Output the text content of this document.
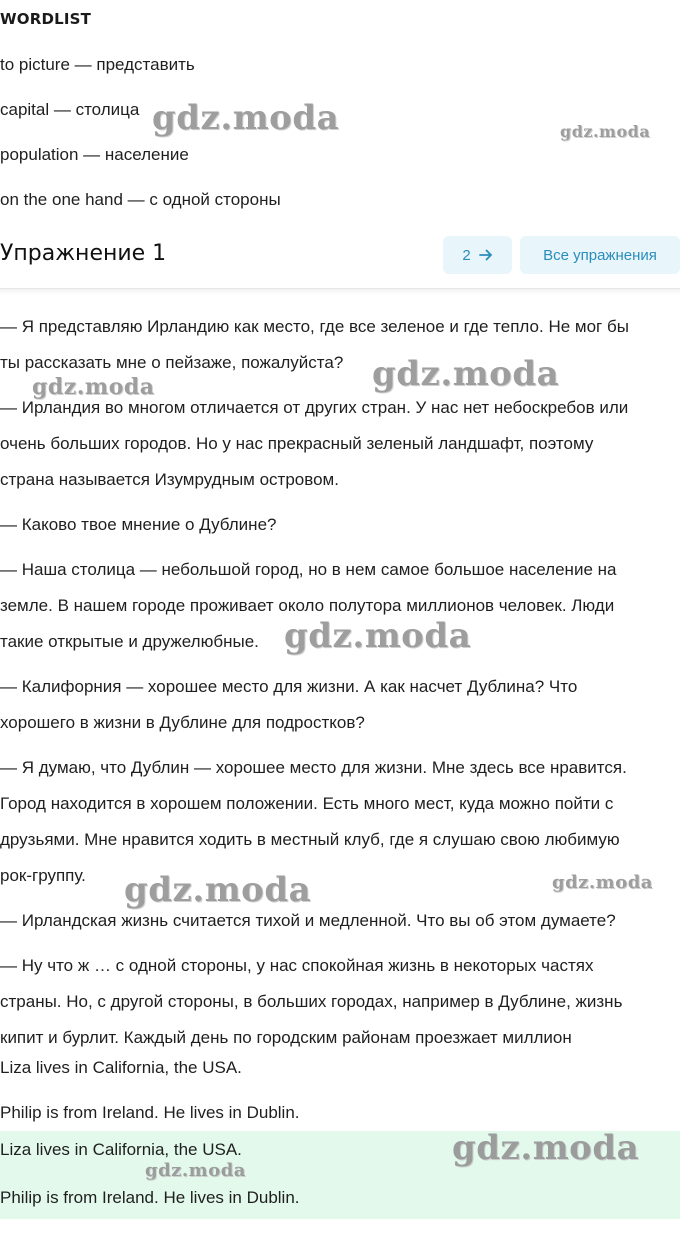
WORDLIST
to picture — представить
capital — столица
population — население
on the one hand — с одной стороны
Упражнение 1	2	Все упражнения

— Я представляю Ирландию как место, где все зеленое и где тепло. Не мог бы
ты рассказать мне о пейзаже, пожалуйста?

— Ирландия во многом отличается от других стран. У нас нет небоскребов или
очень больших городов. Но у нас прекрасный зеленый ландшафт, поэтому
страна называется Изумрудным островом.

— Каково твое мнение о Дублине?

— Наша столица — небольшой город, но в нем самое большое население на
земле. В нашем городе проживает около полутора миллионов человек. Люди
такие открытые и дружелюбные.

— Калифорния — хорошее место для жизни. А как насчет Дублина? Что
хорошего в жизни в Дублине для подростков?

— Я думаю, что Дублин — хорошее место для жизни. Мне здесь все нравится.
Город находится в хорошем положении. Есть много мест, куда можно пойти с
друзьями. Мне нравится ходить в местный клуб, где я слушаю свою любимую
рок-группу.

— Ирландская жизнь считается тихой и медленной. Что вы об этом думаете?

— Ну что ж … с одной стороны, у нас спокойная жизнь в некоторых частях
страны. Но, с другой стороны, в больших городах, например в Дублине, жизнь
кипит и бурлит. Каждый день по городским районам проезжает миллион

Liza lives in California, the USA.
Philip is from Ireland. He lives in Dublin.
Liza lives in California, the USA.
Philip is from Ireland. He lives in Dublin.
gdz.moda	gdz.moda
gdz.moda
gdz.moda
gdz.moda
gdz.moda	gdz.moda
gdz.moda
gdz.moda
